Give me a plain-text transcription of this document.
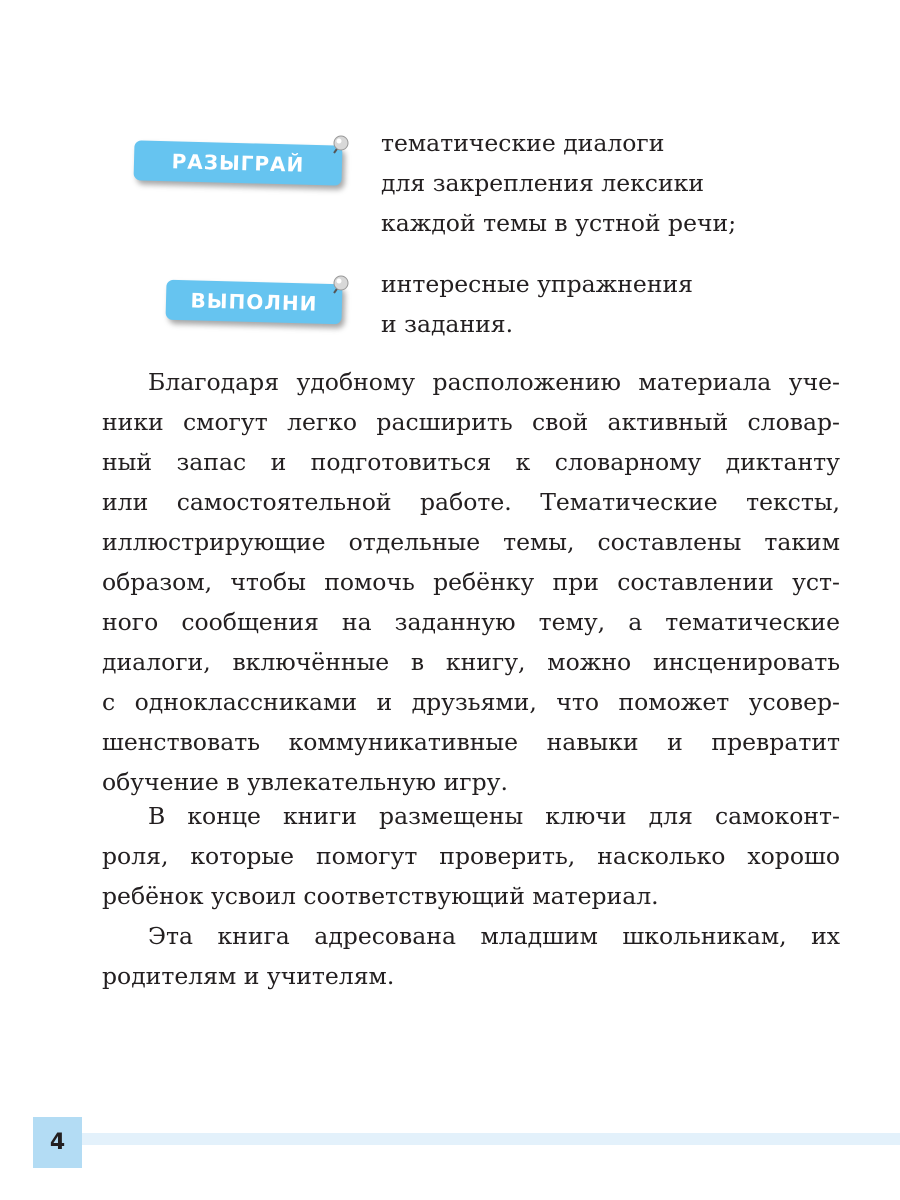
РАЗЫГРАЙ

тематические диалоги
для закрепления лексики
каждой темы в устной речи;

ВЫПОЛНИ

интересные упражнения
и задания.

Благодаря удобному расположению материала уче-
ники смогут легко расширить свой активный словар-
ный запас и подготовиться к словарному диктанту
или самостоятельной работе. Тематические тексты,
иллюстрирующие отдельные темы, составлены таким
образом, чтобы помочь ребёнку при составлении уст-
ного сообщения на заданную тему, а тематические
диалоги, включённые в книгу, можно инсценировать
с одноклассниками и друзьями, что поможет усовер-
шенствовать коммуникативные навыки и превратит
обучение в увлекательную игру.
В конце книги размещены ключи для самоконт-
роля, которые помогут проверить, насколько хорошо
ребёнок усвоил соответствующий материал.
Эта книга адресована младшим школьникам, их
родителям и учителям.
4
